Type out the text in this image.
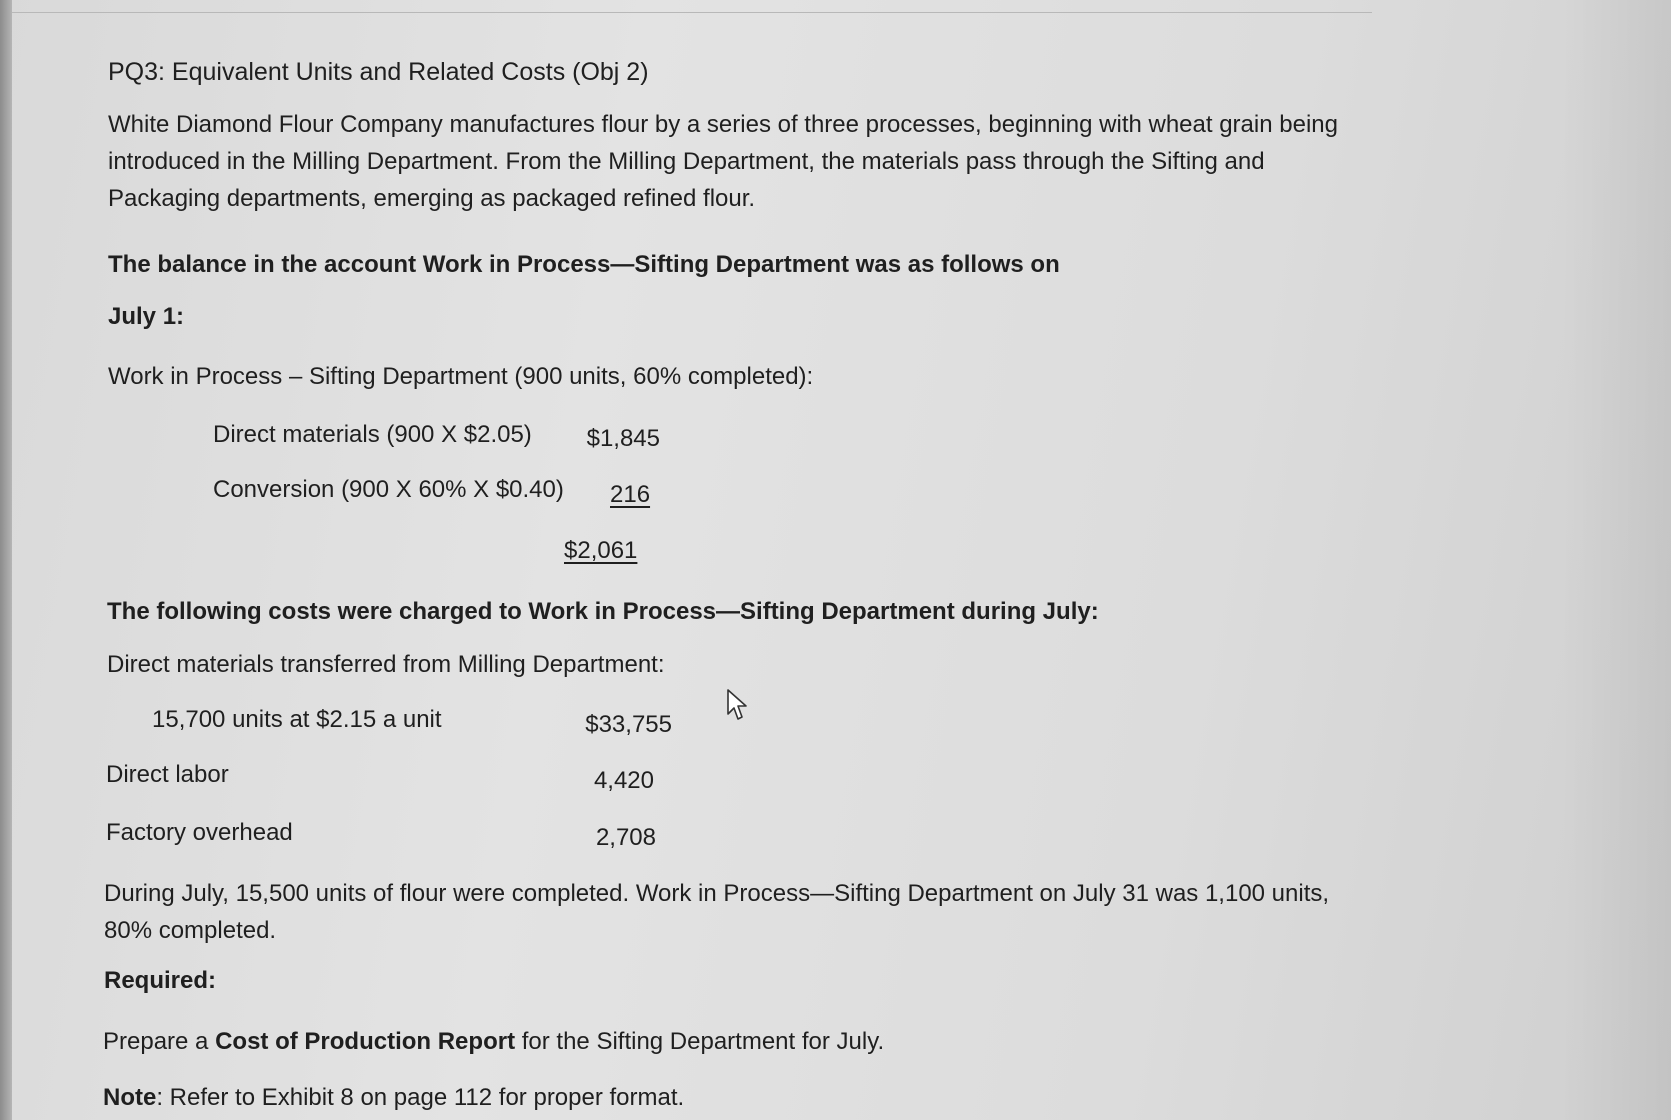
PQ3: Equivalent Units and Related Costs (Obj 2)

White Diamond Flour Company manufactures flour by a series of three processes, beginning with wheat grain being introduced in the Milling Department. From the Milling Department, the materials pass through the Sifting and Packaging departments, emerging as packaged refined flour.

The balance in the account Work in Process—Sifting Department was as follows on

July 1:

Work in Process – Sifting Department (900 units, 60% completed):

Direct materials (900 X $2.05)	$1,845
Conversion (900 X 60% X $0.40) 216
$2,061

The following costs were charged to Work in Process—Sifting Department during July:

Direct materials transferred from Milling Department:

15,700 units at $2.15 a unit	$33,755
Direct labor	4,420
Factory overhead	2,708

During July, 15,500 units of flour were completed. Work in Process—Sifting Department on July 31 was 1,100 units, 80% completed.

Required:

Prepare a Cost of Production Report for the Sifting Department for July.

Note: Refer to Exhibit 8 on page 112 for proper format.
